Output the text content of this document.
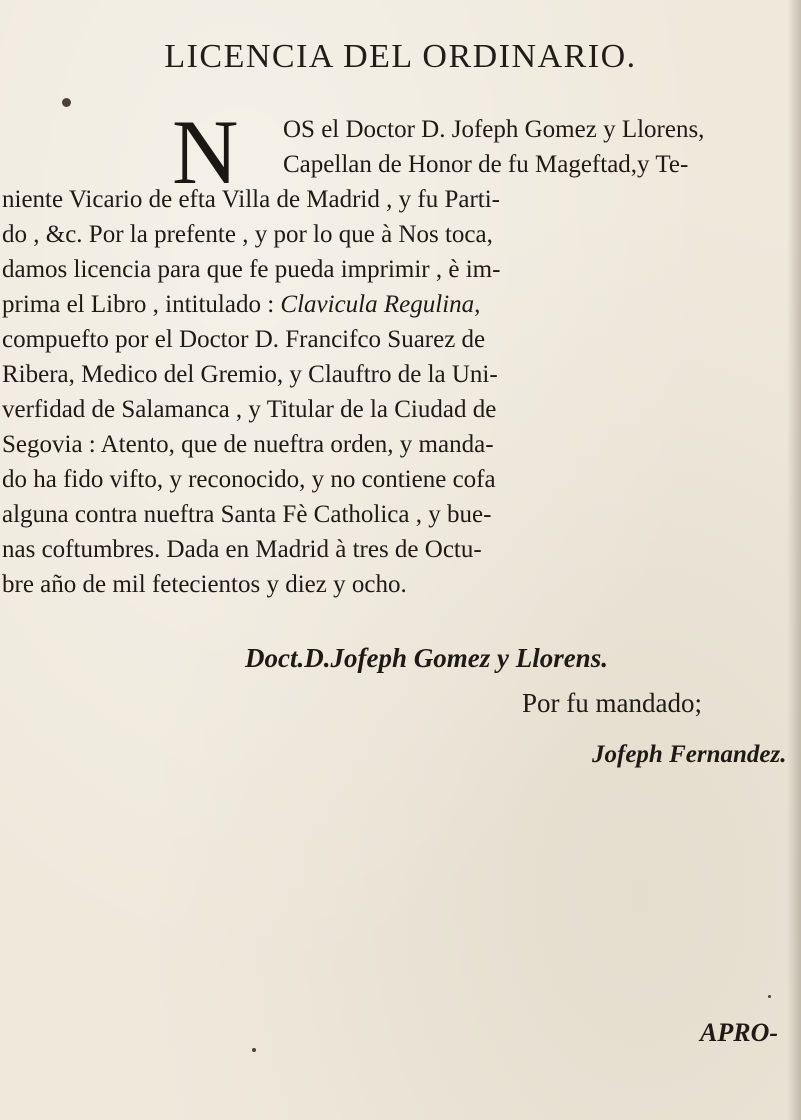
LICENCIA DEL ORDINARIO.
N	OS el Doctor D. Jofeph Gomez y Llorens,
Capellan de Honor de fu Mageftad,y Te-
niente Vicario de efta Villa de Madrid , y fu Parti-
do , &c. Por la prefente , y por lo que à Nos toca,
damos licencia para que fe pueda imprimir , è im-
prima el Libro , intitulado : Clavicula Regulina,
compuefto por el Doctor D. Francifco Suarez de
Ribera, Medico del Gremio, y Clauftro de la Uni-
verfidad de Salamanca , y Titular de la Ciudad de
Segovia : Atento, que de nueftra orden, y manda-
do ha fido vifto, y reconocido, y no contiene cofa
alguna contra nueftra Santa Fè Catholica , y bue-
nas coftumbres. Dada en Madrid à tres de Octu-
bre año de mil fetecientos y diez y ocho.
Doct.D.Jofeph Gomez y Llorens.
Por fu mandado;
Jofeph Fernandez.
APRO-
